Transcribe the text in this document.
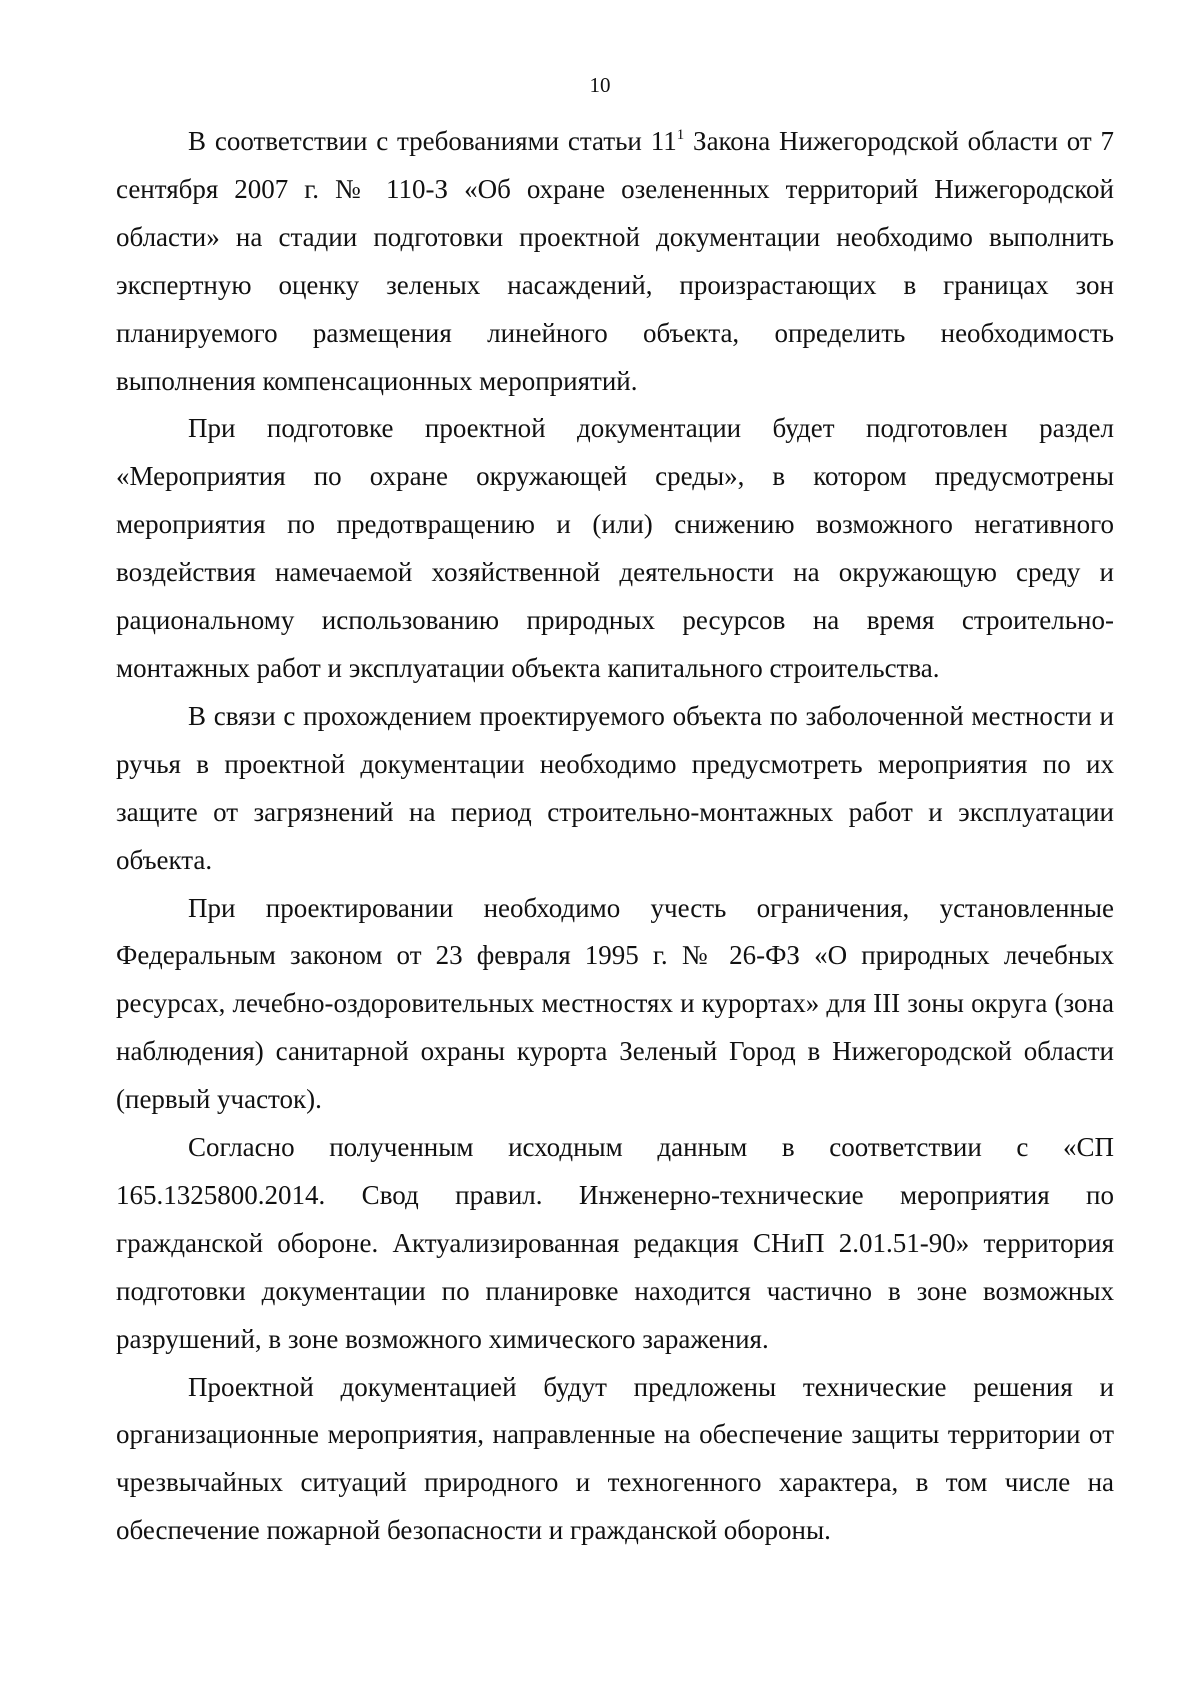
10

В соответствии с требованиями статьи $11^1$ Закона Нижегородской области от 7 сентября 2007 г. № 110-З «Об охране озелененных территорий Нижегородской области» на стадии подготовки проектной документации необходимо выполнить экспертную оценку зеленых насаждений, произрастающих в границах зон планируемого размещения линейного объекта, определить необходимость выполнения компенсационных мероприятий.

При подготовке проектной документации будет подготовлен раздел «Мероприятия по охране окружающей среды», в котором предусмотрены мероприятия по предотвращению и (или) снижению возможного негативного воздействия намечаемой хозяйственной деятельности на окружающую среду и рациональному использованию природных ресурсов на время строительно-монтажных работ и эксплуатации объекта капитального строительства.

В связи с прохождением проектируемого объекта по заболоченной местности и ручья в проектной документации необходимо предусмотреть мероприятия по их защите от загрязнений на период строительно-монтажных работ и эксплуатации объекта.

При проектировании необходимо учесть ограничения, установленные Федеральным законом от 23 февраля 1995 г. № 26-ФЗ «О природных лечебных ресурсах, лечебно-оздоровительных местностях и курортах» для III зоны округа (зона наблюдения) санитарной охраны курорта Зеленый Город в Нижегородской области (первый участок).

Согласно полученным исходным данным в соответствии с «СП 165.1325800.2014. Свод правил. Инженерно-технические мероприятия по гражданской обороне. Актуализированная редакция СНиП 2.01.51-90» территория подготовки документации по планировке находится частично в зоне возможных разрушений, в зоне возможного химического заражения.

Проектной документацией будут предложены технические решения и организационные мероприятия, направленные на обеспечение защиты территории от чрезвычайных ситуаций природного и техногенного характера, в том числе на обеспечение пожарной безопасности и гражданской обороны.
